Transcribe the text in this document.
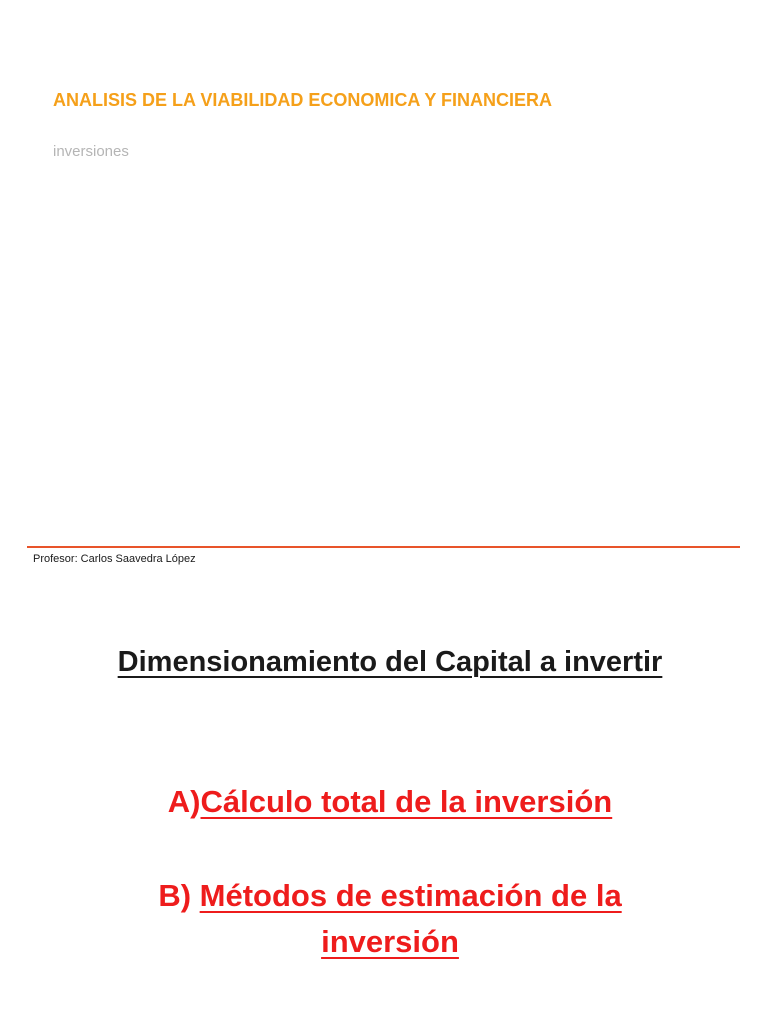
ANALISIS DE LA VIABILIDAD ECONOMICA Y FINANCIERA
inversiones
Profesor: Carlos Saavedra López
Dimensionamiento del Capital a invertir
A)Cálculo total de la inversión
B) Métodos de estimación de la
inversión
